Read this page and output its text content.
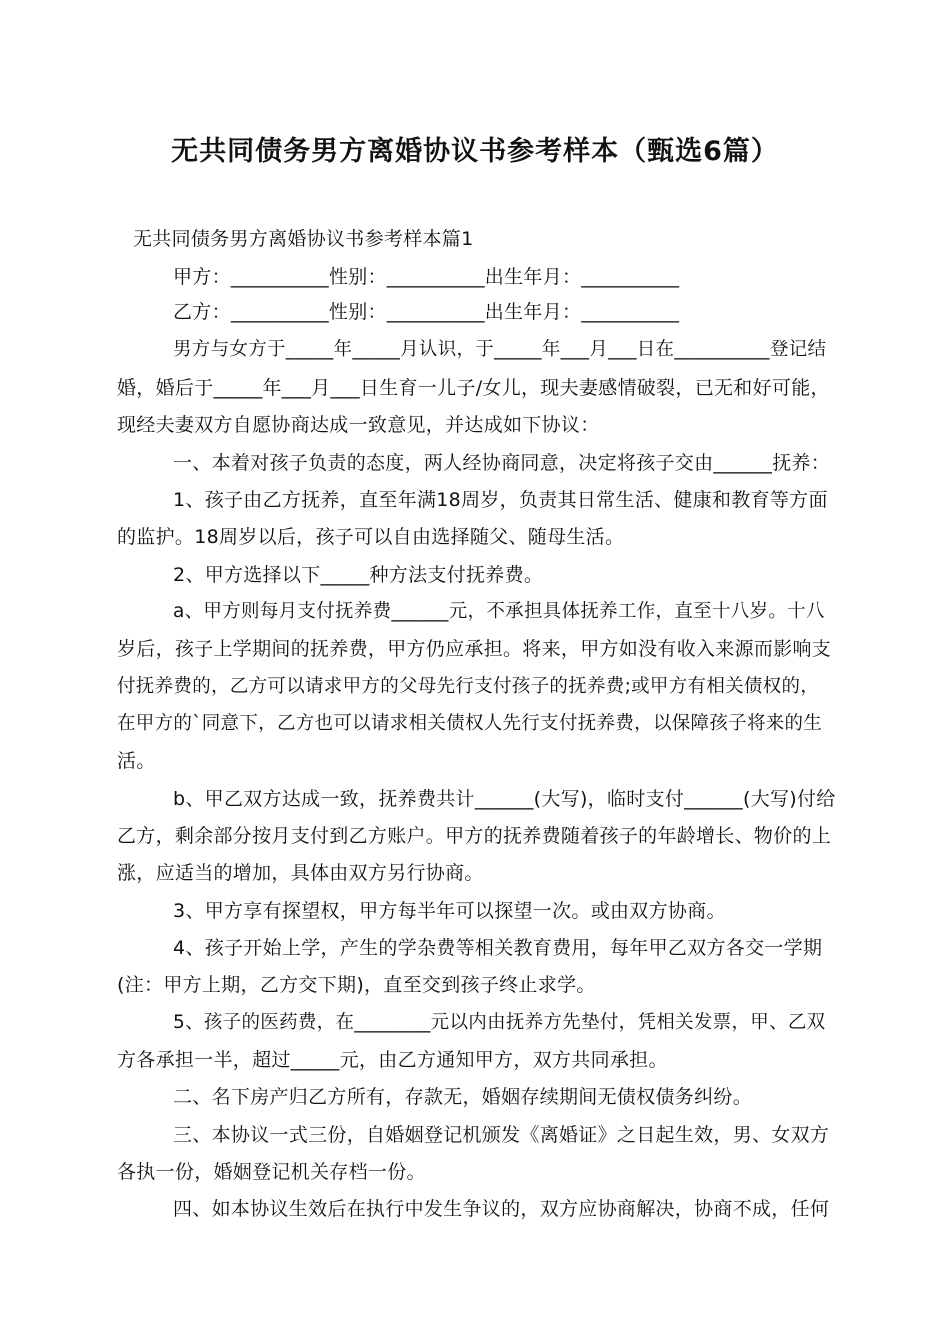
无共同债务男方离婚协议书参考样本（甄选6篇）
无共同债务男方离婚协议书参考样本篇1
甲方：__________性别：__________出生年月：__________
乙方：__________性别：__________出生年月：__________
男方与女方于_____年_____月认识，于_____年___月___日在__________登记结
婚，婚后于_____年___月___日生育一儿子/女儿，现夫妻感情破裂，已无和好可能，
现经夫妻双方自愿协商达成一致意见，并达成如下协议：
一、本着对孩子负责的态度，两人经协商同意，决定将孩子交由______抚养：
1、孩子由乙方抚养，直至年满18周岁，负责其日常生活、健康和教育等方面
的监护。18周岁以后，孩子可以自由选择随父、随母生活。
2、甲方选择以下_____种方法支付抚养费。
a、甲方则每月支付抚养费______元，不承担具体抚养工作，直至十八岁。十八
岁后，孩子上学期间的抚养费，甲方仍应承担。将来，甲方如没有收入来源而影响支
付抚养费的，乙方可以请求甲方的父母先行支付孩子的抚养费;或甲方有相关债权的，
在甲方的`同意下，乙方也可以请求相关债权人先行支付抚养费，以保障孩子将来的生
活。
b、甲乙双方达成一致，抚养费共计______(大写)，临时支付______(大写)付给
乙方，剩余部分按月支付到乙方账户。甲方的抚养费随着孩子的年龄增长、物价的上
涨，应适当的增加，具体由双方另行协商。
3、甲方享有探望权，甲方每半年可以探望一次。或由双方协商。
4、孩子开始上学，产生的学杂费等相关教育费用，每年甲乙双方各交一学期
(注：甲方上期，乙方交下期)，直至交到孩子终止求学。
5、孩子的医药费，在________元以内由抚养方先垫付，凭相关发票，甲、乙双
方各承担一半，超过_____元，由乙方通知甲方，双方共同承担。
二、名下房产归乙方所有，存款无，婚姻存续期间无债权债务纠纷。
三、本协议一式三份，自婚姻登记机颁发《离婚证》之日起生效，男、女双方
各执一份，婚姻登记机关存档一份。
四、如本协议生效后在执行中发生争议的，双方应协商解决，协商不成，任何
